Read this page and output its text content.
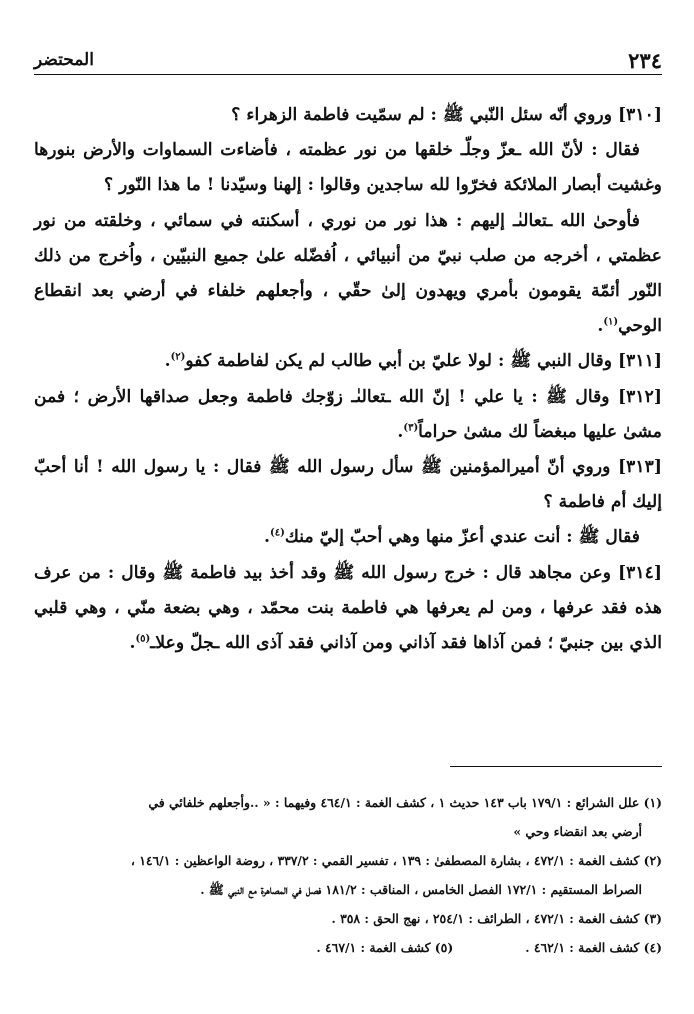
٢٣٤
المحتضر

[٣١٠] وروي أنّه سئل النّبي ﷺ : لم سمّيت فاطمة الزهراء ؟

فقال : لأنّ الله ـعزّ وجلّـ خلقها من نور عظمته ، فأضاءت السماوات والأرض بنورها وغشيت أبصار الملائكة فخرّوا لله ساجدين وقالوا : إلهنا وسيّدنا ! ما هذا النّور ؟

فأوحىٰ الله ـتعالىٰـ إليهم : هذا نور من نوري ، أسكنته في سمائي ، وخلقته من نور عظمتي ، أخرجه من صلب نبيّ من أنبيائي ، اُفضّله علىٰ جميع النبيّين ، واُخرج من ذلك النّور أئمّة يقومون بأمري ويهدون إلىٰ حقّي ، وأجعلهم خلفاء في أرضي بعد انقطاع الوحي$^{(١)}$.

[٣١١] وقال النبي ﷺ : لولا عليّ بن أبي طالب لم يكن لفاطمة كفو$^{(٢)}$.

[٣١٢] وقال ﷺ : يا علي ! إنّ الله ـتعالىٰـ زوّجك فاطمة وجعل صداقها الأرض ؛ فمن مشىٰ عليها مبغضاً لك مشىٰ حراماً$^{(٣)}$.

[٣١٣] وروي أنّ أميرالمؤمنين ﷺ سأل رسول الله ﷺ فقال : يا رسول الله ! أنا أحبّ إليك أم فاطمة ؟

فقال ﷺ : أنت عندي أعزّ منها وهي أحبّ إليّ منك$^{(٤)}$.

[٣١٤] وعن مجاهد قال : خرج رسول الله ﷺ وقد أخذ بيد فاطمة ﷺ وقال : من عرف هذه فقد عرفها ، ومن لم يعرفها هي فاطمة بنت محمّد ، وهي بضعة منّي ، وهي قلبي الذي بين جنبيّ ؛ فمن آذاها فقد آذاني ومن آذاني فقد آذى الله ـجلّ وعلاـ$^{(٥)}$.

(١) علل الشرائع : ١٧٩/١ باب ١٤٣ حديث ١ ، كشف الغمة : ٤٦٤/١ وفيهما : « ..وأجعلهم خلفائي في

أرضي بعد انقضاء وحي »

(٢) كشف الغمة : ٤٧٢/١ ، بشارة المصطفىٰ : ١٣٩ ، تفسير القمي : ٣٣٧/٢ ، روضة الواعظين : ١٤٦/١ ،

الصراط المستقيم : ١٧٢/١ الفصل الخامس ، المناقب : ١٨١/٢ فصل في المصاهرة مع النبي ﷺ .

(٣) كشف الغمة : ٤٧٢/١ ، الطرائف : ٢٥٤/١ ، نهج الحق : ٣٥٨ .

(٤) كشف الغمة : ٤٦٢/١ .
(٥) كشف الغمة : ٤٦٧/١ .
